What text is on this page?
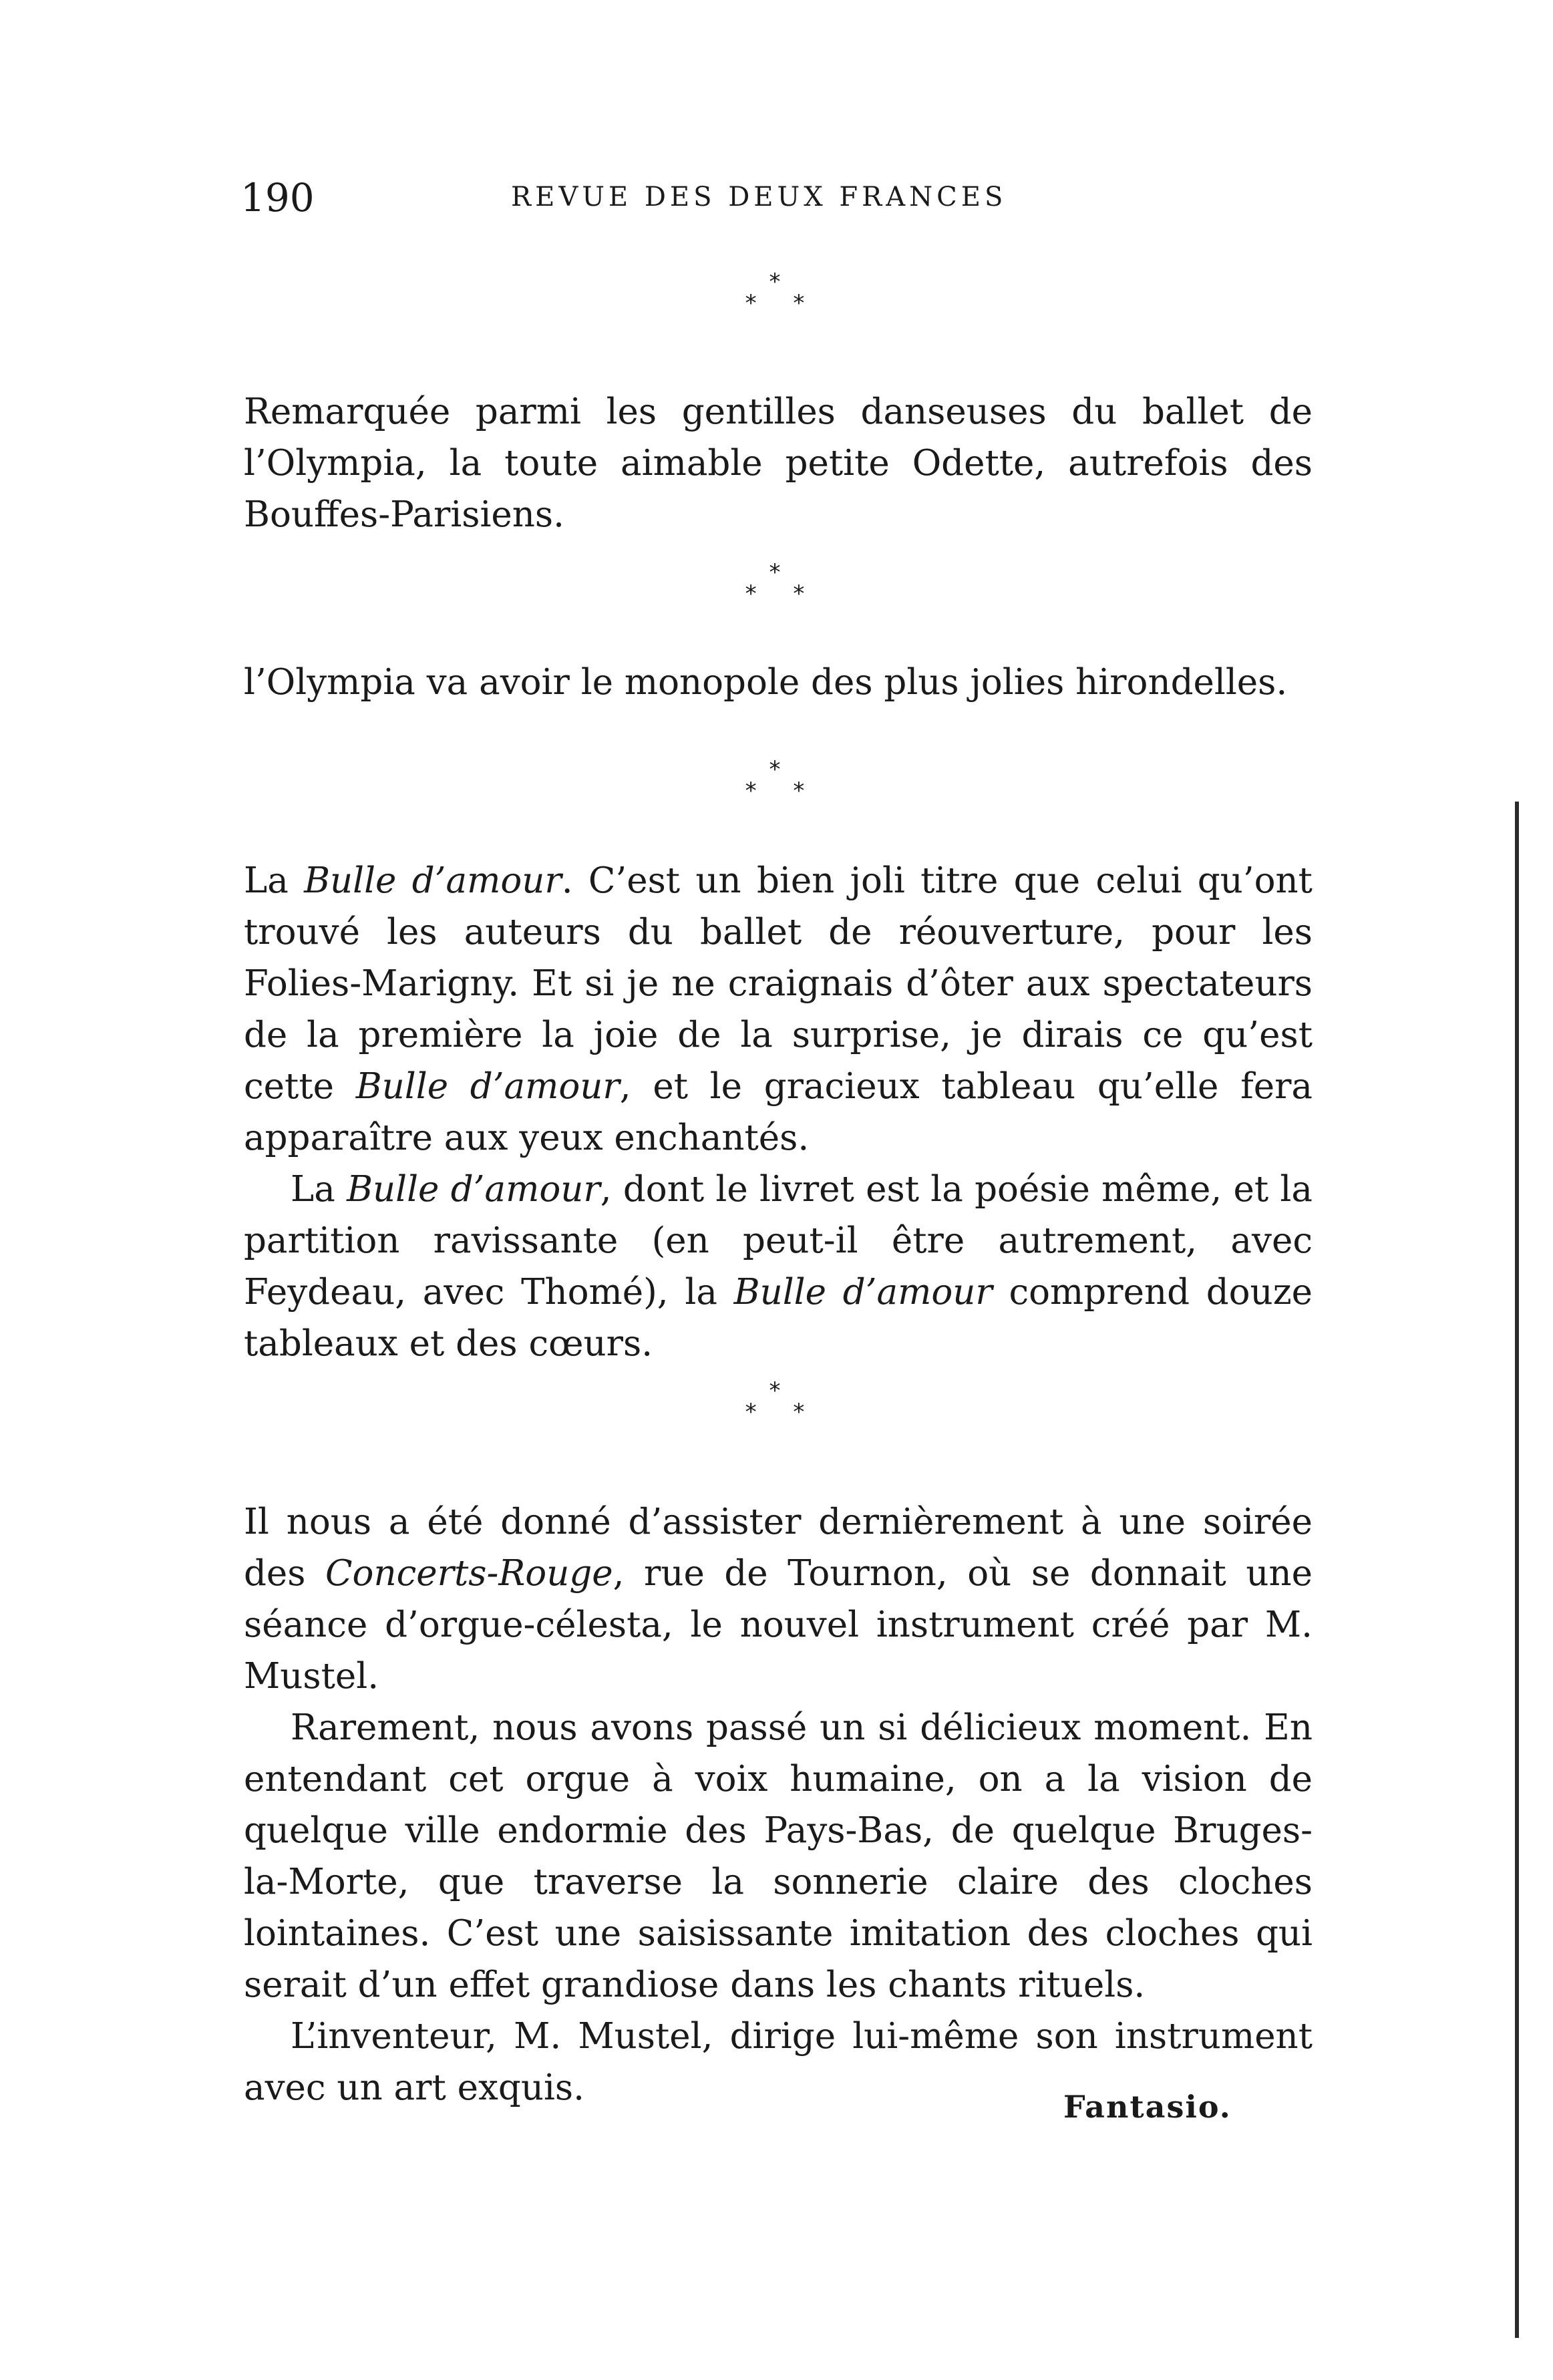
190	REVUE DES DEUX FRANCES
*
* *

Remarquée parmi les gentilles danseuses du ballet de l’Olympia, la toute aimable petite Odette, autrefois des Bouffes-Parisiens.

*
* *

l’Olympia va avoir le monopole des plus jolies hirondelles.

*
* *

La Bulle d’amour. C’est un bien joli titre que celui qu’ont trouvé les auteurs du ballet de réouverture, pour les Folies-Marigny. Et si je ne craignais d’ôter aux spectateurs de la première la joie de la surprise, je dirais ce qu’est cette Bulle d’amour, et le gracieux tableau qu’elle fera apparaître aux yeux enchantés.

La Bulle d’amour, dont le livret est la poésie même, et la partition ravissante (en peut-il être autrement, avec Feydeau, avec Thomé), la Bulle d’amour comprend douze tableaux et des cœurs.

*
* *

Il nous a été donné d’assister dernièrement à une soirée des Concerts-Rouge, rue de Tournon, où se donnait une séance d’orgue-célesta, le nouvel instrument créé par M. Mustel.

Rarement, nous avons passé un si délicieux moment. En entendant cet orgue à voix humaine, on a la vision de quelque ville endormie des Pays-Bas, de quelque Bruges-la-Morte, que traverse la sonnerie claire des cloches lointaines. C’est une saisissante imitation des cloches qui serait d’un effet grandiose dans les chants rituels.

L’inventeur, M. Mustel, dirige lui-même son instrument avec un art exquis.	Fantasio.
